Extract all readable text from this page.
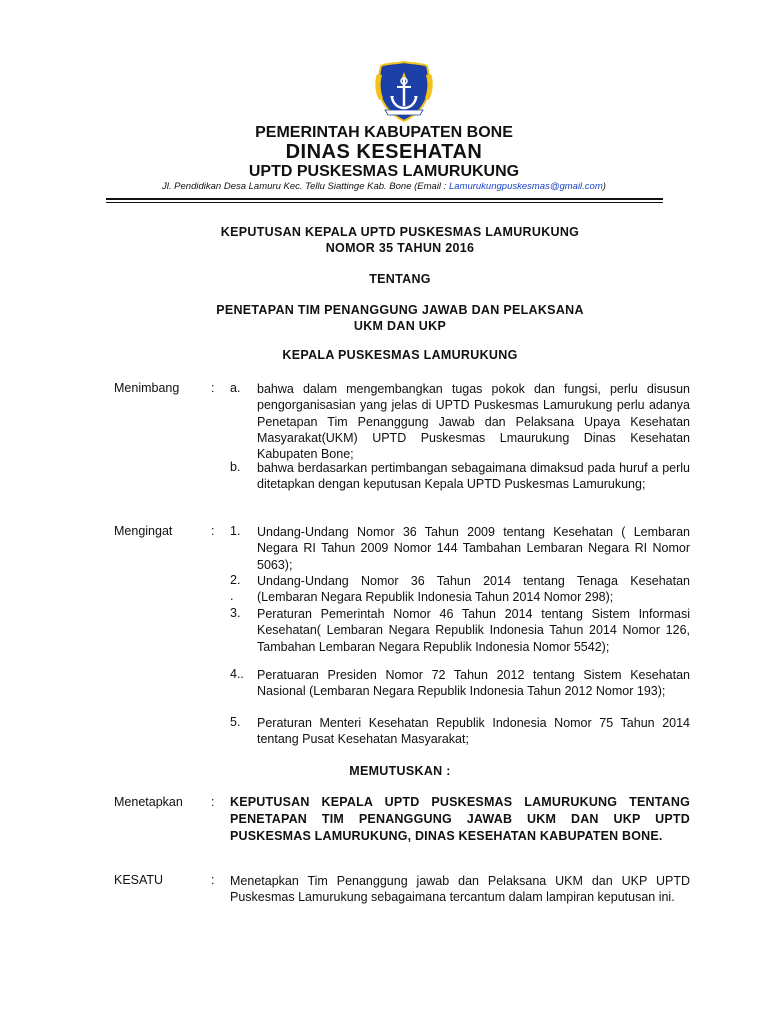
PEMERINTAH KABUPATEN BONE
DINAS KESEHATAN
UPTD PUSKESMAS LAMURUKUNG
Jl. Pendidikan Desa Lamuru Kec. Tellu Siattinge Kab. Bone (Email : Lamurukungpuskesmas@gmail.com)
KEPUTUSAN KEPALA UPTD PUSKESMAS LAMURUKUNG
NOMOR 35 TAHUN 2016
TENTANG
PENETAPAN TIM PENANGGUNG JAWAB DAN PELAKSANA
UKM DAN UKP
KEPALA PUSKESMAS LAMURUKUNG
Menimbang	: a. bahwa dalam mengembangkan tugas pokok dan fungsi, perlu disusun pengorganisasian yang jelas di UPTD Puskesmas Lamurukung perlu adanya Penetapan Tim Penanggung Jawab dan Pelaksana Upaya Kesehatan Masyarakat(UKM) UPTD Puskesmas Lmaurukung Dinas Kesehatan Kabupaten Bone;
b. bahwa berdasarkan pertimbangan sebagaimana dimaksud pada huruf a perlu ditetapkan dengan keputusan Kepala UPTD Puskesmas Lamurukung;
Mengingat	: 1. Undang-Undang Nomor 36 Tahun 2009 tentang Kesehatan ( Lembaran Negara RI Tahun 2009 Nomor 144 Tambahan Lembaran Negara RI Nomor 5063);
2.
.
Undang-Undang Nomor 36 Tahun 2014 tentang Tenaga Kesehatan (Lembaran Negara Republik Indonesia Tahun 2014 Nomor 298);
3. Peraturan Pemerintah Nomor 46 Tahun 2014 tentang Sistem Informasi Kesehatan( Lembaran Negara Republik Indonesia Tahun 2014 Nomor 126, Tambahan Lembaran Negara Republik Indonesia Nomor 5542);
4.. Peratuaran Presiden Nomor 72 Tahun 2012 tentang Sistem Kesehatan Nasional (Lembaran Negara Republik Indonesia Tahun 2012 Nomor 193);
5. Peraturan Menteri Kesehatan Republik Indonesia Nomor 75 Tahun 2014 tentang Pusat Kesehatan Masyarakat;
MEMUTUSKAN :
Menetapkan : KEPUTUSAN KEPALA UPTD PUSKESMAS LAMURUKUNG TENTANG PENETAPAN TIM PENANGGUNG JAWAB UKM DAN UKP UPTD PUSKESMAS LAMURUKUNG, DINAS KESEHATAN KABUPATEN BONE.
KESATU	: Menetapkan Tim Penanggung jawab dan Pelaksana UKM dan UKP UPTD Puskesmas Lamurukung sebagaimana tercantum dalam lampiran keputusan ini.
